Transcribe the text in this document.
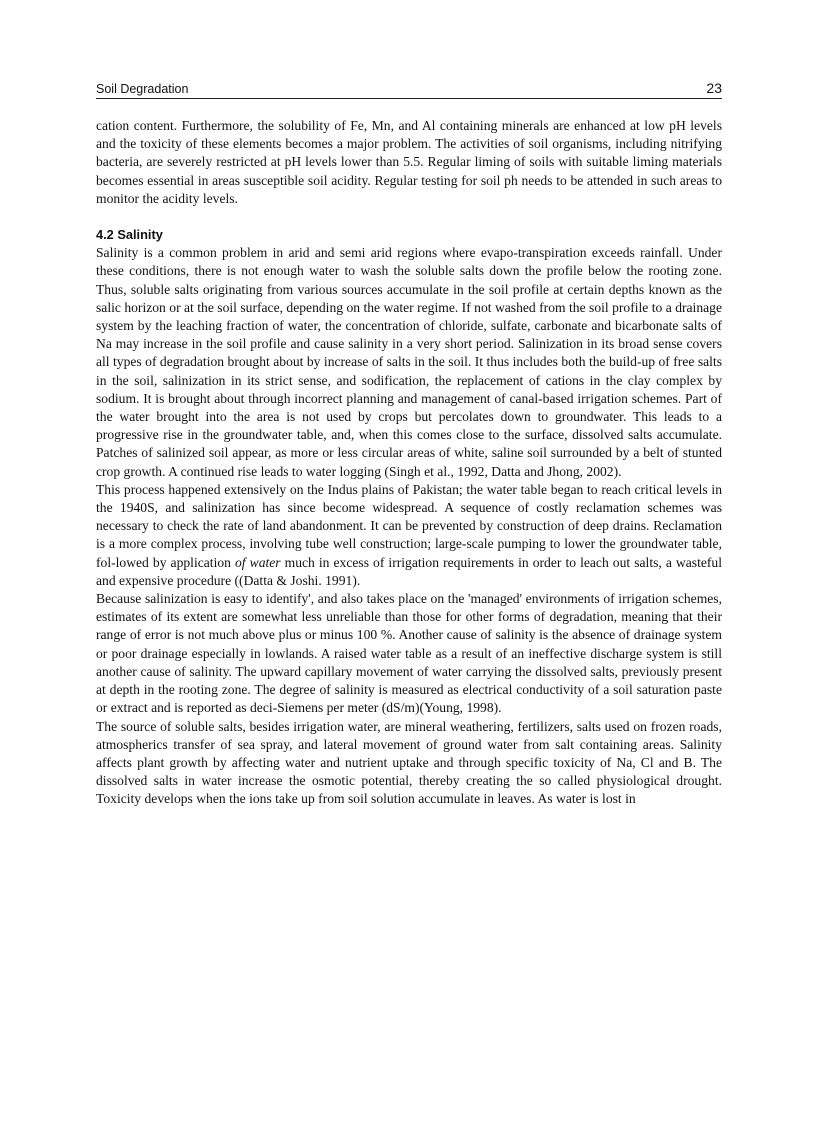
Soil Degradation	23

cation content. Furthermore, the solubility of Fe, Mn, and Al containing minerals are enhanced at low pH levels and the toxicity of these elements becomes a major problem. The activities of soil organisms, including nitrifying bacteria, are severely restricted at pH levels lower than 5.5. Regular liming of soils with suitable liming materials becomes essential in areas susceptible soil acidity. Regular testing for soil ph needs to be attended in such areas to monitor the acidity levels.

4.2 Salinity

Salinity is a common problem in arid and semi arid regions where evapo-transpiration exceeds rainfall. Under these conditions, there is not enough water to wash the soluble salts down the profile below the rooting zone. Thus, soluble salts originating from various sources accumulate in the soil profile at certain depths known as the salic horizon or at the soil surface, depending on the water regime. If not washed from the soil profile to a drainage system by the leaching fraction of water, the concentration of chloride, sulfate, carbonate and bicarbonate salts of Na may increase in the soil profile and cause salinity in a very short period. Salinization in its broad sense covers all types of degradation brought about by increase of salts in the soil. It thus includes both the build-up of free salts in the soil, salinization in its strict sense, and sodification, the replacement of cations in the clay complex by sodium. It is brought about through incorrect planning and management of canal-based irrigation schemes. Part of the water brought into the area is not used by crops but percolates down to groundwater. This leads to a progressive rise in the groundwater table, and, when this comes close to the surface, dissolved salts accumulate. Patches of salinized soil appear, as more or less circular areas of white, saline soil surrounded by a belt of stunted crop growth. A continued rise leads to water logging (Singh et al., 1992, Datta and Jhong, 2002).

This process happened extensively on the Indus plains of Pakistan; the water table began to reach critical levels in the 1940S, and salinization has since become widespread. A sequence of costly reclamation schemes was necessary to check the rate of land abandonment. It can be prevented by construction of deep drains. Reclamation is a more complex process, involving tube well construction; large-scale pumping to lower the groundwater table, fol-lowed by application of water much in excess of irrigation requirements in order to leach out salts, a wasteful and expensive procedure ((Datta & Joshi. 1991).

Because salinization is easy to identify', and also takes place on the 'managed' environments of irrigation schemes, estimates of its extent are somewhat less unreliable than those for other forms of degradation, meaning that their range of error is not much above plus or minus 100 %. Another cause of salinity is the absence of drainage system or poor drainage especially in lowlands. A raised water table as a result of an ineffective discharge system is still another cause of salinity. The upward capillary movement of water carrying the dissolved salts, previously present at depth in the rooting zone. The degree of salinity is measured as electrical conductivity of a soil saturation paste or extract and is reported as deci-Siemens per meter (dS/m)(Young, 1998).

The source of soluble salts, besides irrigation water, are mineral weathering, fertilizers, salts used on frozen roads, atmospherics transfer of sea spray, and lateral movement of ground water from salt containing areas. Salinity affects plant growth by affecting water and nutrient uptake and through specific toxicity of Na, Cl and B. The dissolved salts in water increase the osmotic potential, thereby creating the so called physiological drought. Toxicity develops when the ions take up from soil solution accumulate in leaves. As water is lost in
